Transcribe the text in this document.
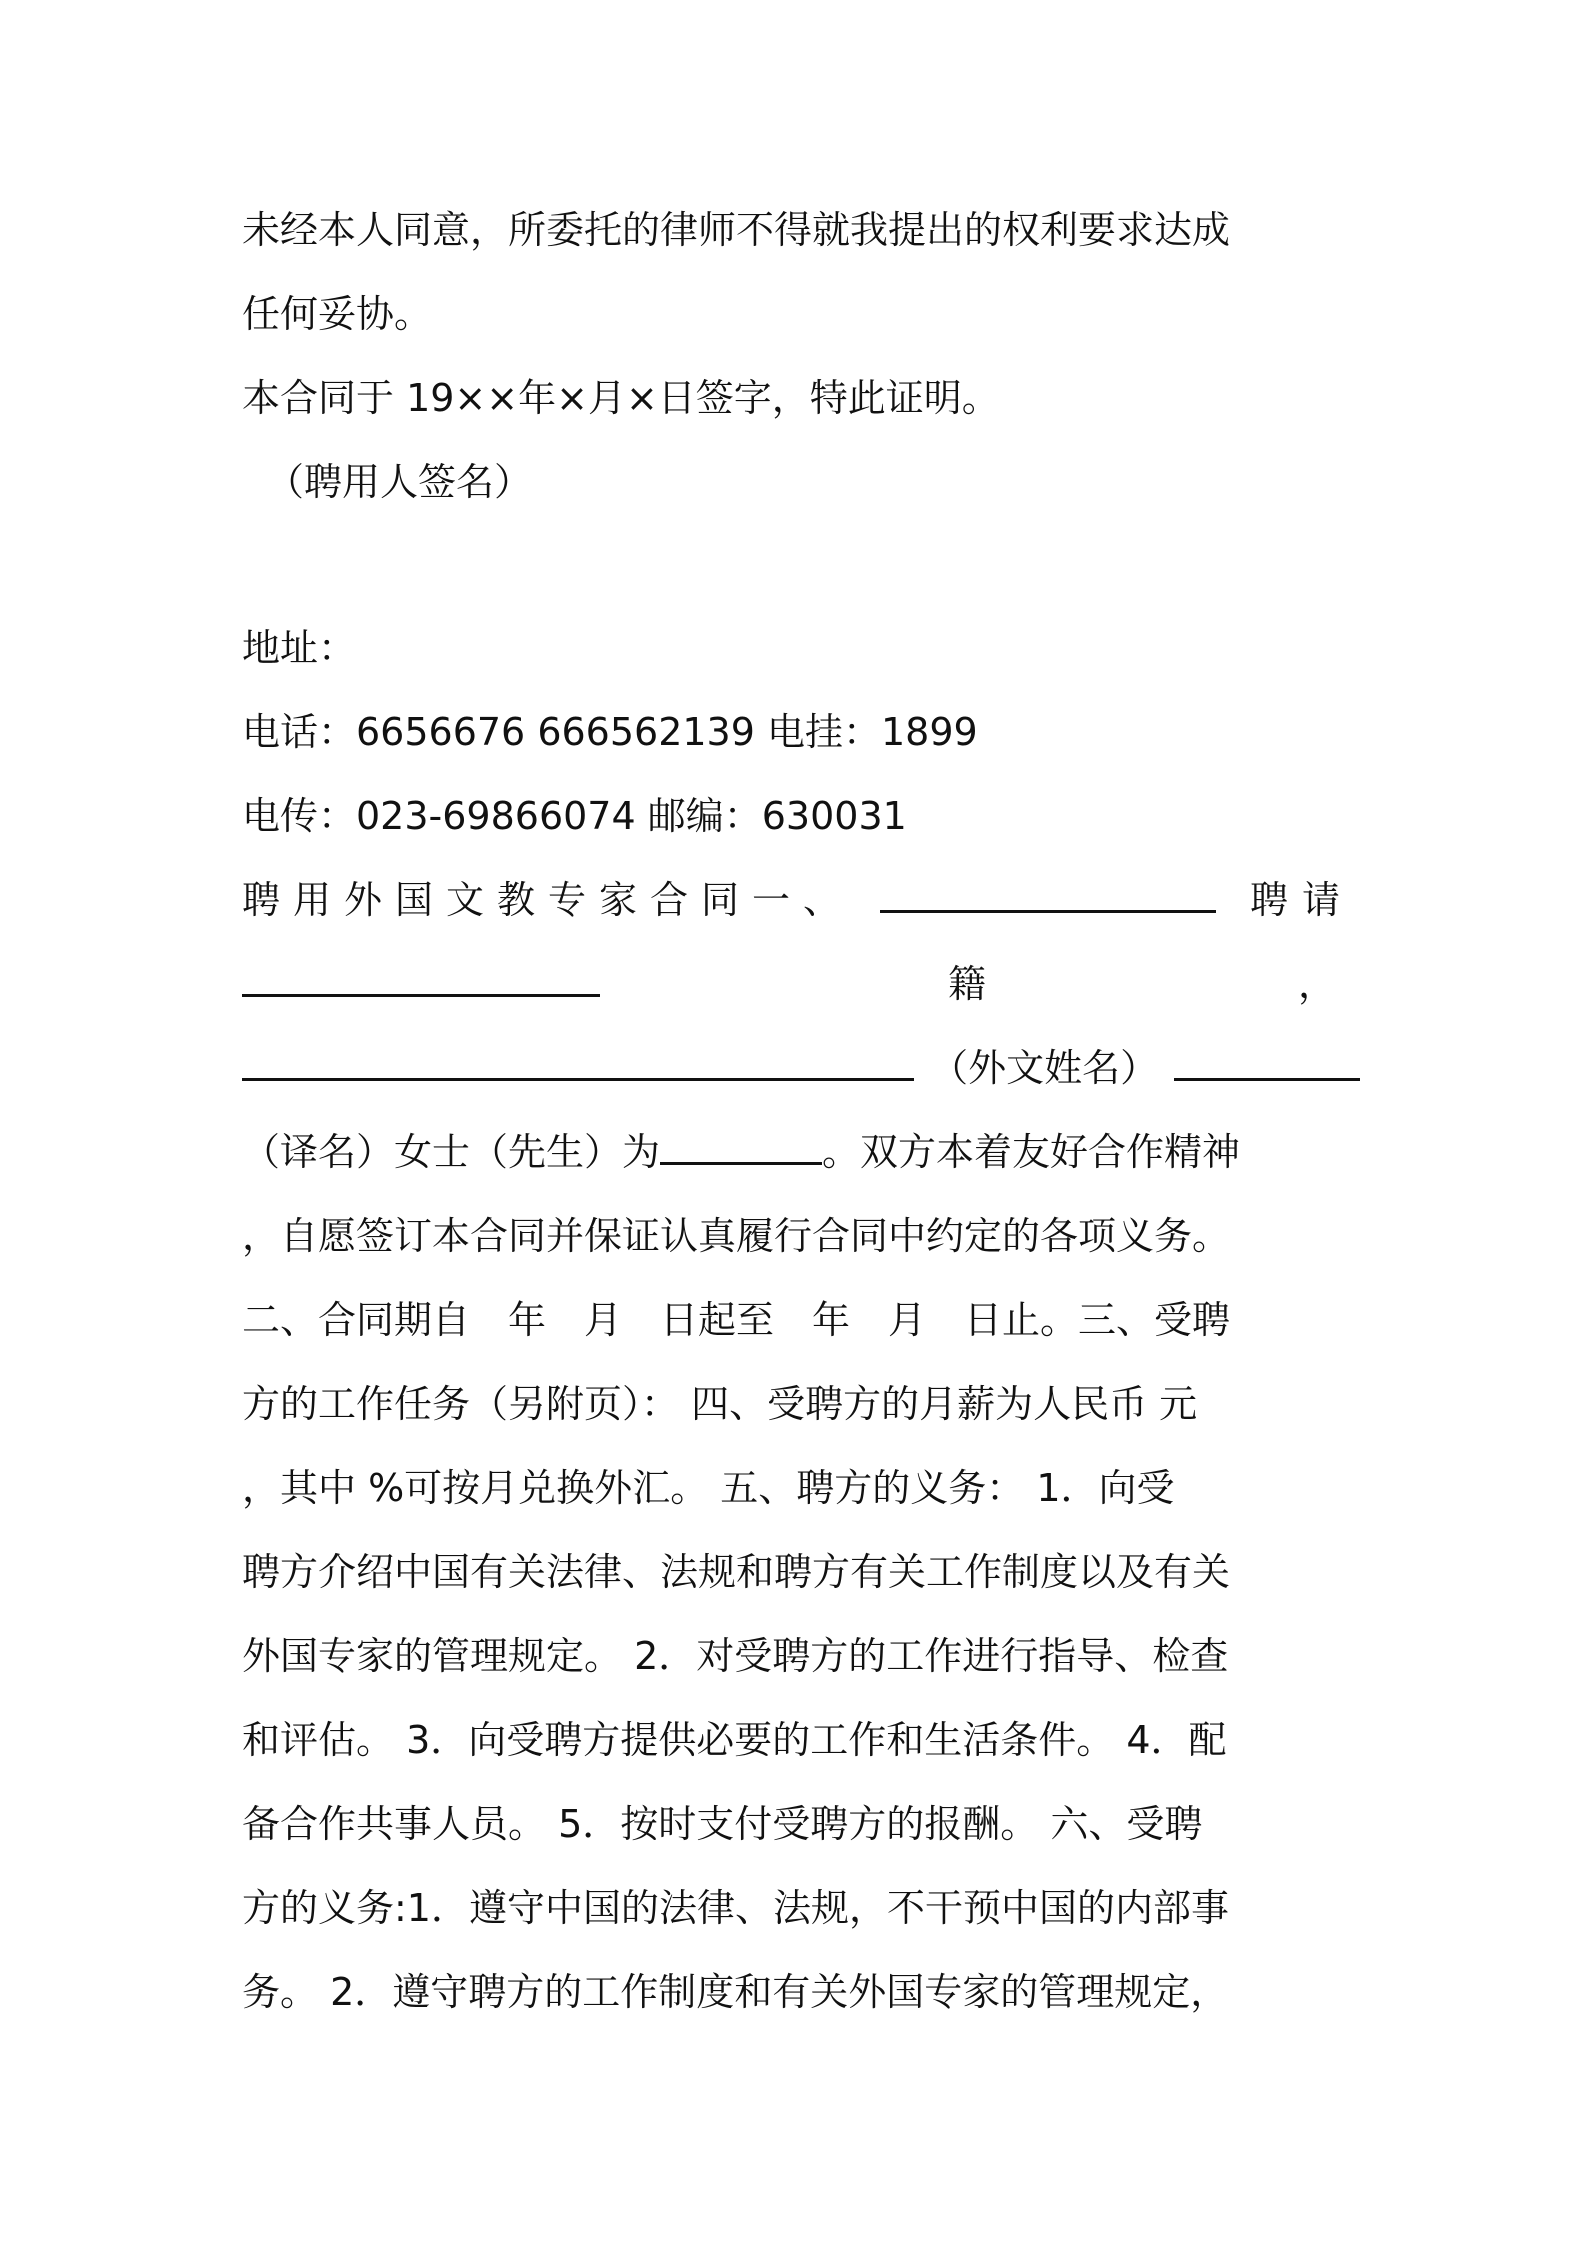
未经本人同意，所委托的律师不得就我提出的权利要求达成
任何妥协。
本合同于 19××年×月×日签字，特此证明。
（聘用人签名）
地址：
电话：6656676 666562139 电挂：1899
电传：023-69866074 邮编：630031
聘用外国文教专家合同一、	聘请
籍	，
（外文姓名）
（译名）女士（先生）为	。双方本着友好合作精神
，自愿签订本合同并保证认真履行合同中约定的各项义务。
二、合同期自　年　月　日起至　年　月　日止。三、受聘
方的工作任务（另附页）： 四、受聘方的月薪为人民币 元
，其中 %可按月兑换外汇。 五、聘方的义务： 1．向受
聘方介绍中国有关法律、法规和聘方有关工作制度以及有关
外国专家的管理规定。 2．对受聘方的工作进行指导、检查
和评估。 3．向受聘方提供必要的工作和生活条件。 4．配
备合作共事人员。 5．按时支付受聘方的报酬。 六、受聘
方的义务:1．遵守中国的法律、法规，不干预中国的内部事
务。 2．遵守聘方的工作制度和有关外国专家的管理规定，
